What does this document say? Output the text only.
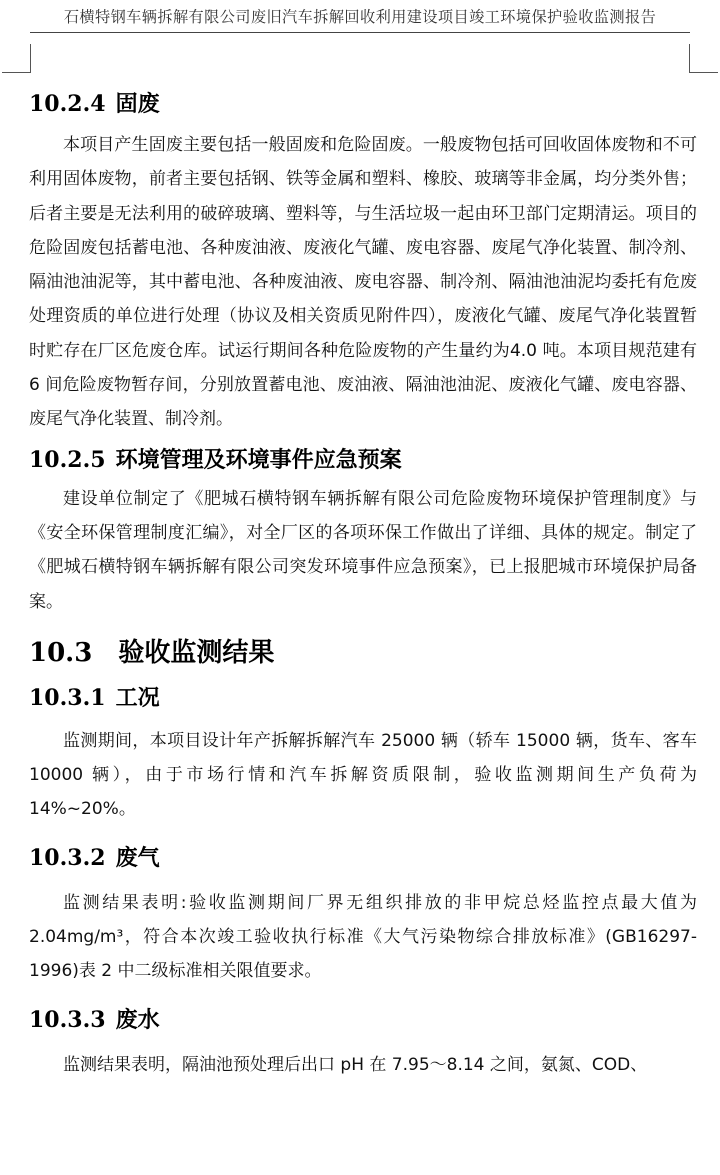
石横特钢车辆拆解有限公司废旧汽车拆解回收利用建设项目竣工环境保护验收监测报告
10.2.4 固废

本项目产生固废主要包括一般固废和危险固废。一般废物包括可回收固体废物和不可利用固体废物，前者主要包括钢、铁等金属和塑料、橡胶、玻璃等非金属，均分类外售；后者主要是无法利用的破碎玻璃、塑料等，与生活垃圾一起由环卫部门定期清运。项目的危险固废包括蓄电池、各种废油液、废液化气罐、废电容器、废尾气净化装置、制冷剂、隔油池油泥等，其中蓄电池、各种废油液、废电容器、制冷剂、隔油池油泥均委托有危废处理资质的单位进行处理（协议及相关资质见附件四），废液化气罐、废尾气净化装置暂时贮存在厂区危废仓库。试运行期间各种危险废物的产生量约为4.0 吨。本项目规范建有6 间危险废物暂存间，分别放置蓄电池、废油液、隔油池油泥、废液化气罐、废电容器、废尾气净化装置、制冷剂。

10.2.5 环境管理及环境事件应急预案

建设单位制定了《肥城石横特钢车辆拆解有限公司危险废物环境保护管理制度》与《安全环保管理制度汇编》，对全厂区的各项环保工作做出了详细、具体的规定。制定了《肥城石横特钢车辆拆解有限公司突发环境事件应急预案》，已上报肥城市环境保护局备案。

10.3 验收监测结果
10.3.1 工况

监测期间，本项目设计年产拆解拆解汽车 25000 辆（轿车 15000 辆，货车、客车 10000 辆），由于市场行情和汽车拆解资质限制，验收监测期间生产负荷为 14%~20%。

10.3.2 废气

监测结果表明:验收监测期间厂界无组织排放的非甲烷总烃监控点最大值为 2.04mg/m³，符合本次竣工验收执行标准《大气污染物综合排放标准》(GB16297-1996)表 2 中二级标准相关限值要求。

10.3.3 废水

监测结果表明，隔油池预处理后出口 pH 在 7.95～8.14 之间，氨氮、COD、
